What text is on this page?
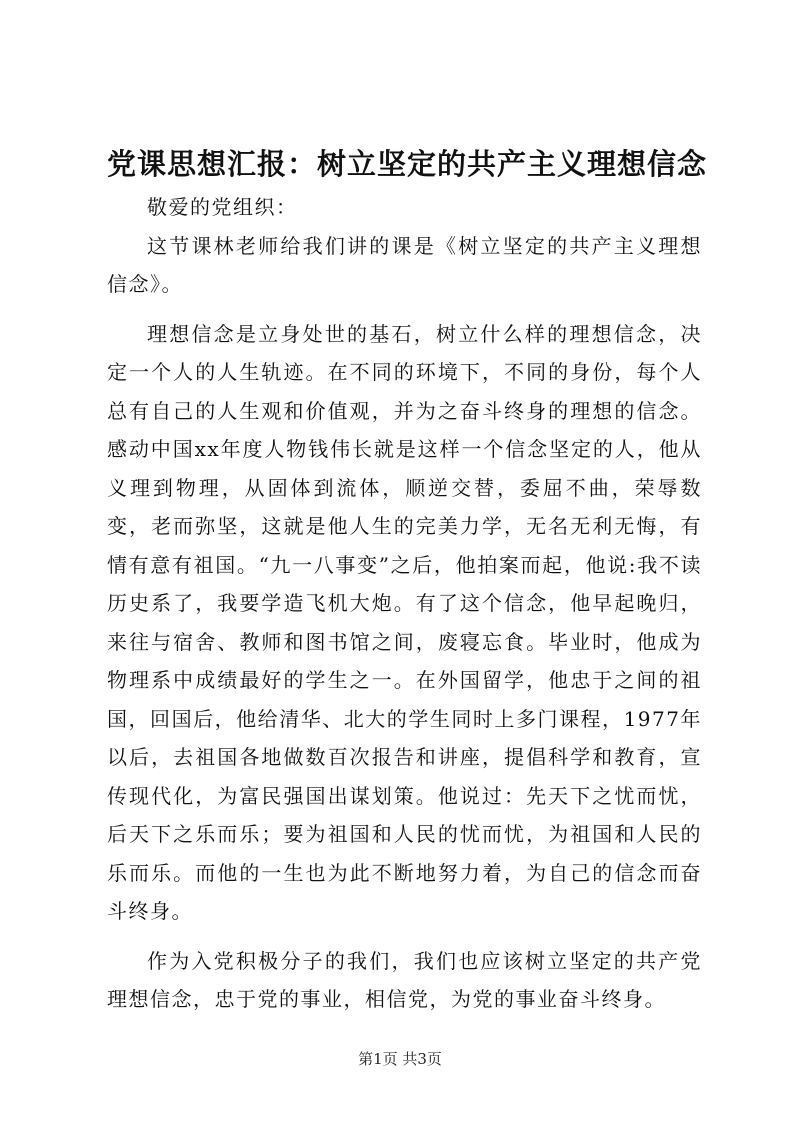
党课思想汇报：树立坚定的共产主义理想信念

敬爱的党组织：

这节课林老师给我们讲的课是《树立坚定的共产主义理想信念》。

理想信念是立身处世的基石，树立什么样的理想信念，决定一个人的人生轨迹。在不同的环境下，不同的身份，每个人总有自己的人生观和价值观，并为之奋斗终身的理想的信念。感动中国xx年度人物钱伟长就是这样一个信念坚定的人，他从义理到物理，从固体到流体，顺逆交替，委屈不曲，荣辱数变，老而弥坚，这就是他人生的完美力学，无名无利无悔，有情有意有祖国。“九一八事变”之后，他拍案而起，他说:我不读历史系了，我要学造飞机大炮。有了这个信念，他早起晚归，来往与宿舍、教师和图书馆之间，废寝忘食。毕业时，他成为物理系中成绩最好的学生之一。在外国留学，他忠于之间的祖国，回国后，他给清华、北大的学生同时上多门课程，1977年以后，去祖国各地做数百次报告和讲座，提倡科学和教育，宣传现代化，为富民强国出谋划策。他说过：先天下之忧而忧，后天下之乐而乐；要为祖国和人民的忧而忧，为祖国和人民的乐而乐。而他的一生也为此不断地努力着，为自己的信念而奋斗终身。

作为入党积极分子的我们，我们也应该树立坚定的共产党理想信念，忠于党的事业，相信党，为党的事业奋斗终身。

第1页 共3页
